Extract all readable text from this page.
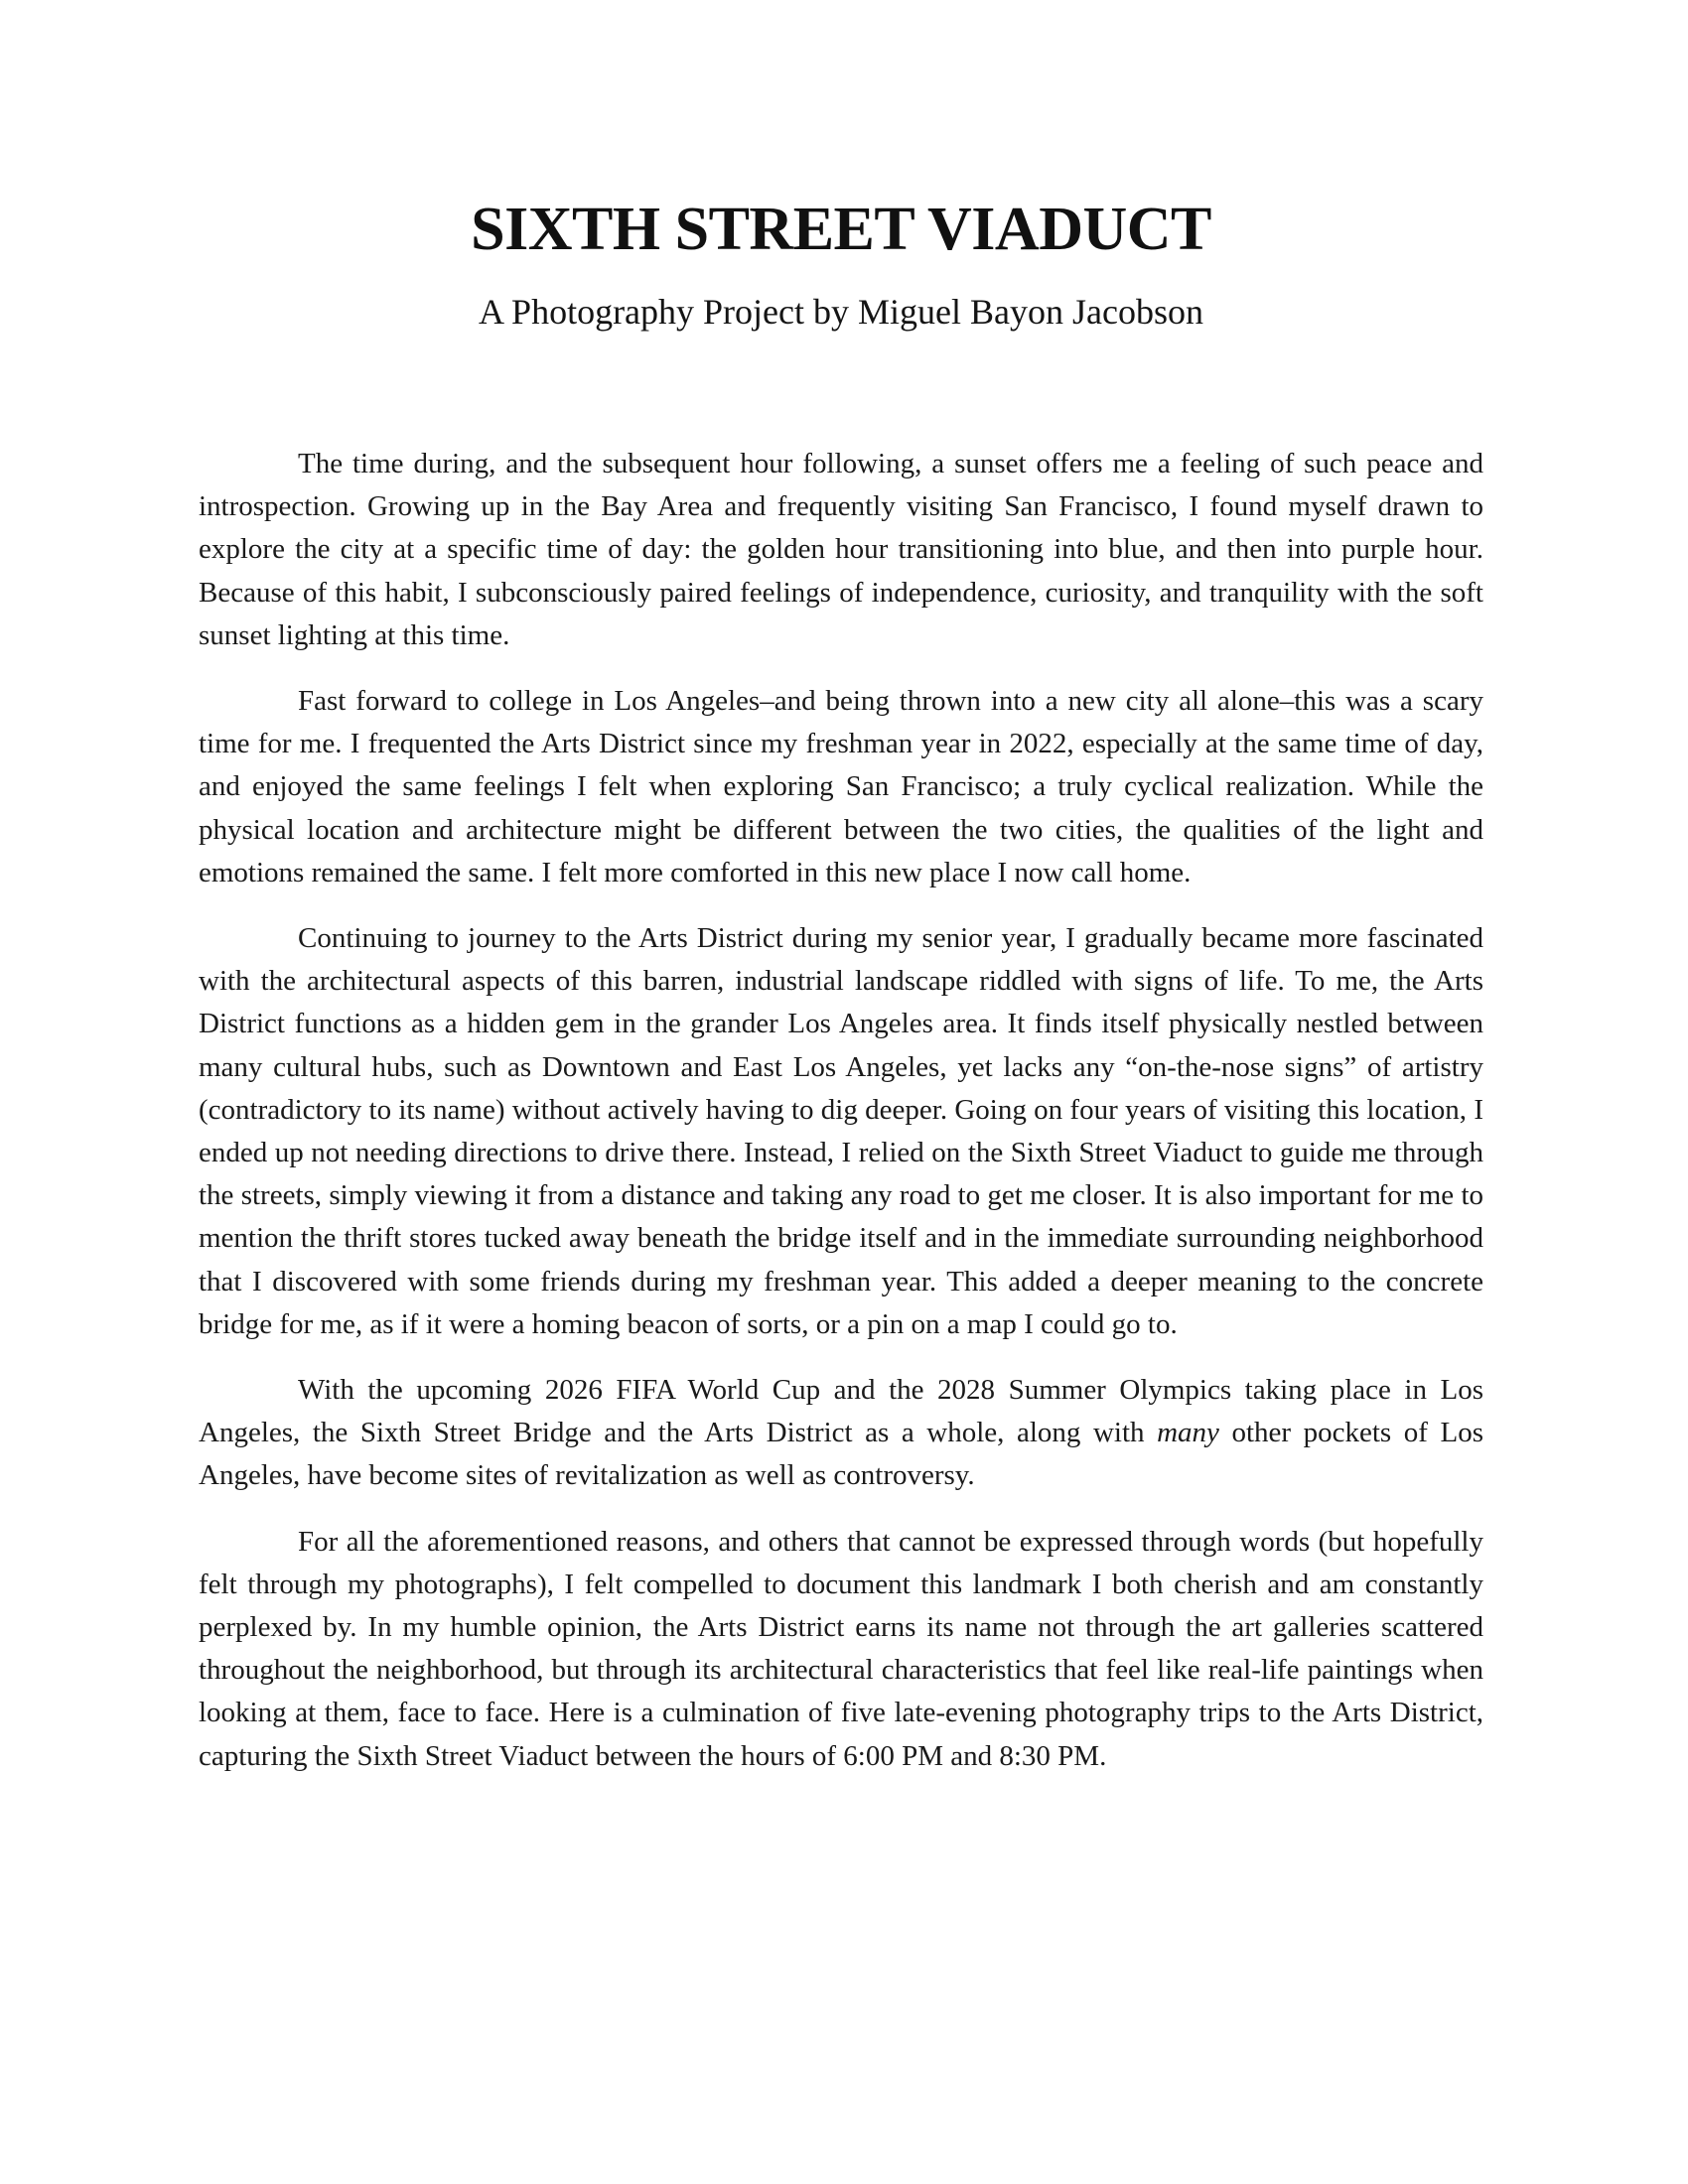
SIXTH STREET VIADUCT
A Photography Project by Miguel Bayon Jacobson

The time during, and the subsequent hour following, a sunset offers me a feeling of such peace and introspection. Growing up in the Bay Area and frequently visiting San Francisco, I found myself drawn to explore the city at a specific time of day: the golden hour transitioning into blue, and then into purple hour. Because of this habit, I subconsciously paired feelings of independence, curiosity, and tranquility with the soft sunset lighting at this time.

Fast forward to college in Los Angeles–and being thrown into a new city all alone–this was a scary time for me. I frequented the Arts District since my freshman year in 2022, especially at the same time of day, and enjoyed the same feelings I felt when exploring San Francisco; a truly cyclical realization. While the physical location and architecture might be different between the two cities, the qualities of the light and emotions remained the same. I felt more comforted in this new place I now call home.

Continuing to journey to the Arts District during my senior year, I gradually became more fascinated with the architectural aspects of this barren, industrial landscape riddled with signs of life. To me, the Arts District functions as a hidden gem in the grander Los Angeles area. It finds itself physically nestled between many cultural hubs, such as Downtown and East Los Angeles, yet lacks any “on-the-nose signs” of artistry (contradictory to its name) without actively having to dig deeper. Going on four years of visiting this location, I ended up not needing directions to drive there. Instead, I relied on the Sixth Street Viaduct to guide me through the streets, simply viewing it from a distance and taking any road to get me closer. It is also important for me to mention the thrift stores tucked away beneath the bridge itself and in the immediate surrounding neighborhood that I discovered with some friends during my freshman year. This added a deeper meaning to the concrete bridge for me, as if it were a homing beacon of sorts, or a pin on a map I could go to.

With the upcoming 2026 FIFA World Cup and the 2028 Summer Olympics taking place in Los Angeles, the Sixth Street Bridge and the Arts District as a whole, along with many other pockets of Los Angeles, have become sites of revitalization as well as controversy.

For all the aforementioned reasons, and others that cannot be expressed through words (but hopefully felt through my photographs), I felt compelled to document this landmark I both cherish and am constantly perplexed by. In my humble opinion, the Arts District earns its name not through the art galleries scattered throughout the neighborhood, but through its architectural characteristics that feel like real-life paintings when looking at them, face to face. Here is a culmination of five late-evening photography trips to the Arts District, capturing the Sixth Street Viaduct between the hours of 6:00 PM and 8:30 PM.
